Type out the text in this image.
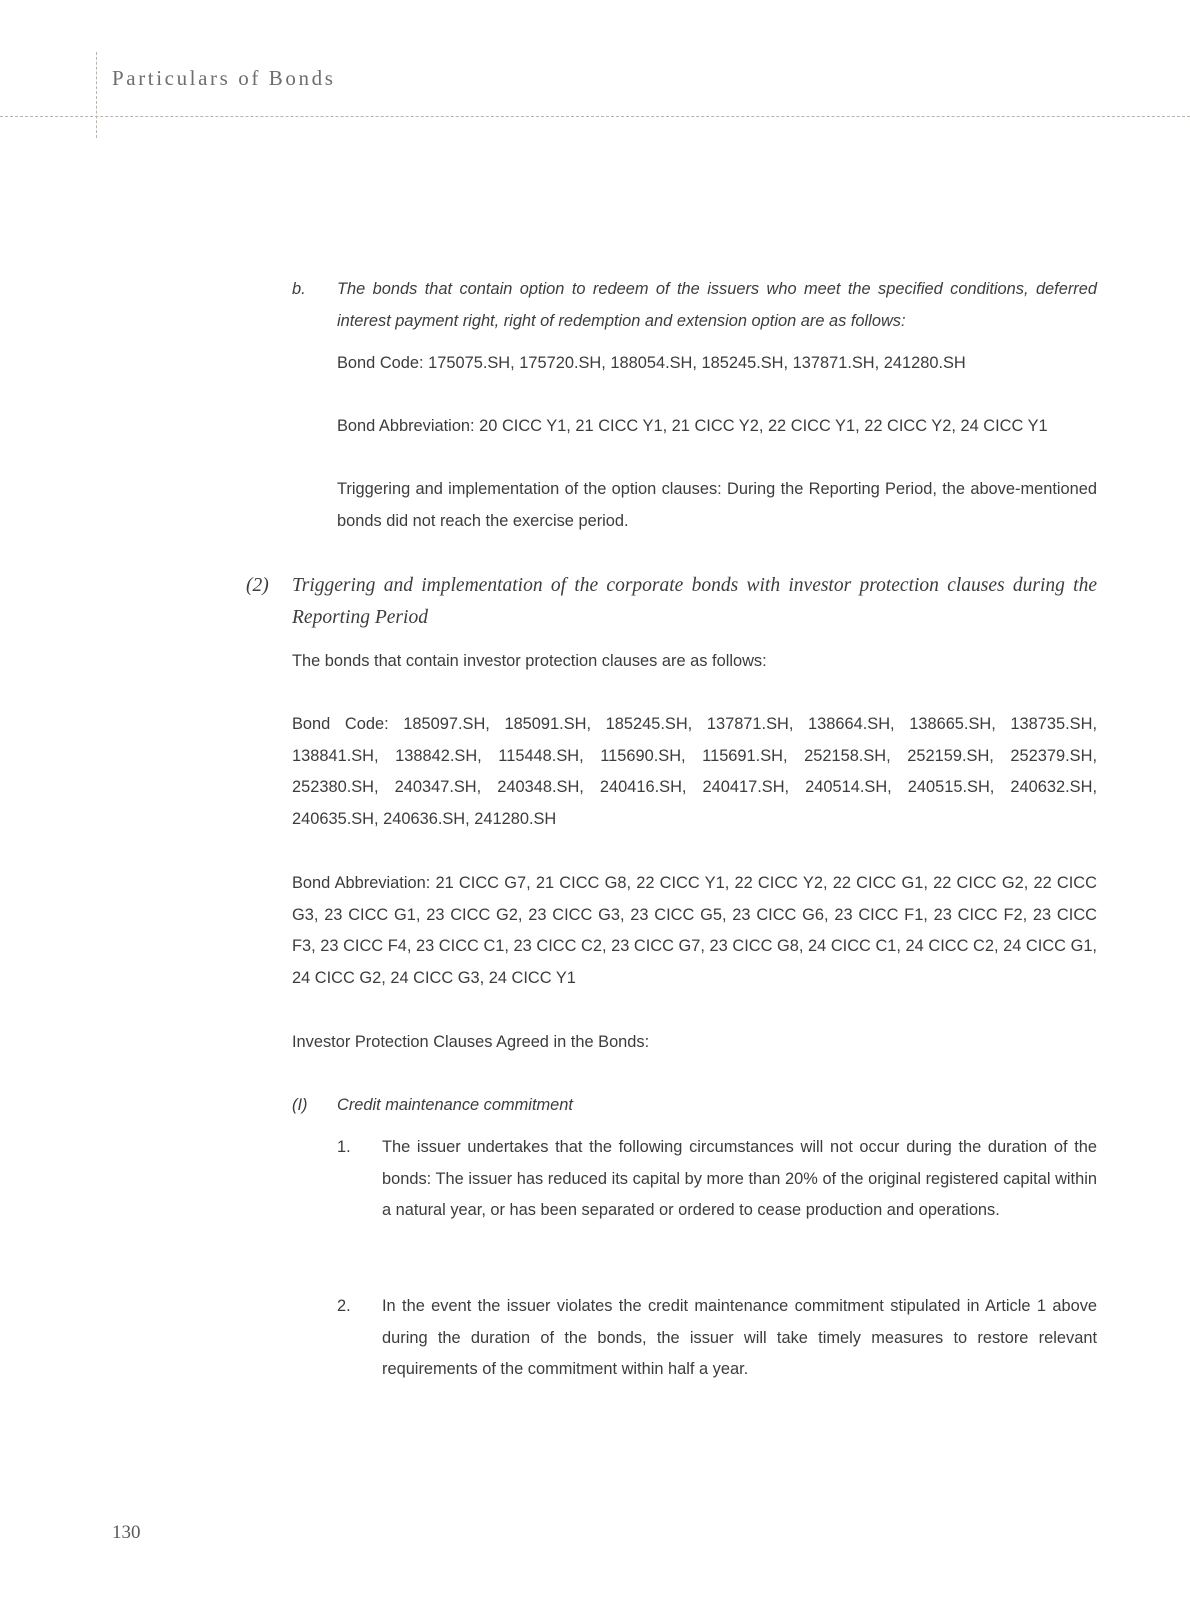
Particulars of Bonds

b. The bonds that contain option to redeem of the issuers who meet the specified conditions, deferred interest payment right, right of redemption and extension option are as follows:

Bond Code: 175075.SH, 175720.SH, 188054.SH, 185245.SH, 137871.SH, 241280.SH

Bond Abbreviation: 20 CICC Y1, 21 CICC Y1, 21 CICC Y2, 22 CICC Y1, 22 CICC Y2, 24 CICC Y1

Triggering and implementation of the option clauses: During the Reporting Period, the above-mentioned bonds did not reach the exercise period.

(2) Triggering and implementation of the corporate bonds with investor protection clauses during the Reporting Period

The bonds that contain investor protection clauses are as follows:

Bond Code: 185097.SH, 185091.SH, 185245.SH, 137871.SH, 138664.SH, 138665.SH, 138735.SH, 138841.SH, 138842.SH, 115448.SH, 115690.SH, 115691.SH, 252158.SH, 252159.SH, 252379.SH, 252380.SH, 240347.SH, 240348.SH, 240416.SH, 240417.SH, 240514.SH, 240515.SH, 240632.SH, 240635.SH, 240636.SH, 241280.SH

Bond Abbreviation: 21 CICC G7, 21 CICC G8, 22 CICC Y1, 22 CICC Y2, 22 CICC G1, 22 CICC G2, 22 CICC G3, 23 CICC G1, 23 CICC G2, 23 CICC G3, 23 CICC G5, 23 CICC G6, 23 CICC F1, 23 CICC F2, 23 CICC F3, 23 CICC F4, 23 CICC C1, 23 CICC C2, 23 CICC G7, 23 CICC G8, 24 CICC C1, 24 CICC C2, 24 CICC G1, 24 CICC G2, 24 CICC G3, 24 CICC Y1

Investor Protection Clauses Agreed in the Bonds:

(I) Credit maintenance commitment

1. The issuer undertakes that the following circumstances will not occur during the duration of the bonds: The issuer has reduced its capital by more than 20% of the original registered capital within a natural year, or has been separated or ordered to cease production and operations.

2. In the event the issuer violates the credit maintenance commitment stipulated in Article 1 above during the duration of the bonds, the issuer will take timely measures to restore relevant requirements of the commitment within half a year.

130
